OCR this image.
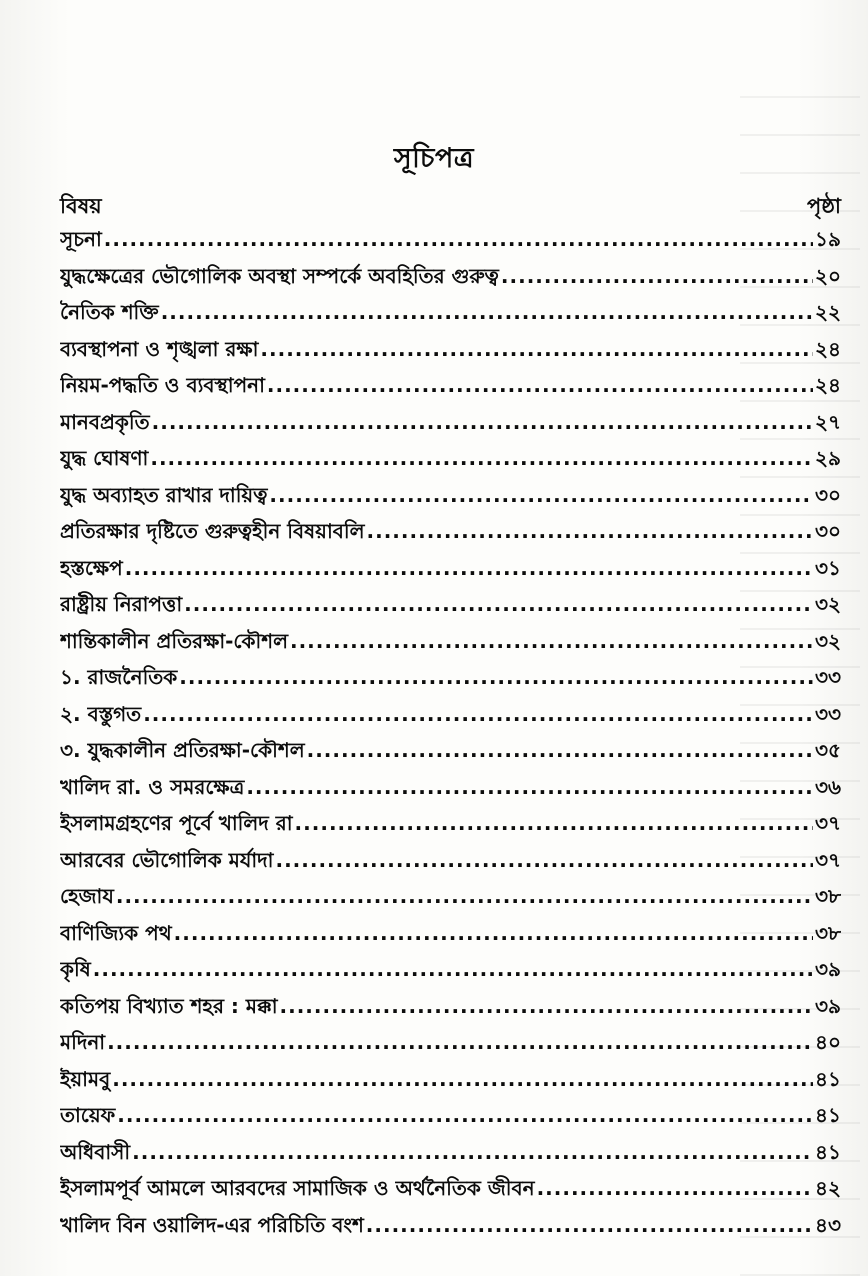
সূচিপত্র
বিষয়	পৃষ্ঠা
সূচনা .....	১৯
যুদ্ধক্ষেত্রের ভৌগোলিক অবস্থা সম্পর্কে অবহিতির গুরুত্ব .....	২০
নৈতিক শক্তি .....	২২
ব্যবস্থাপনা ও শৃঙ্খলা রক্ষা .....	২৪
নিয়ম-পদ্ধতি ও ব্যবস্থাপনা .....	২৪
মানবপ্রকৃতি .....	২৭
যুদ্ধ ঘোষণা .....	২৯
যুদ্ধ অব্যাহত রাখার দায়িত্ব .....	৩০
প্রতিরক্ষার দৃষ্টিতে গুরুত্বহীন বিষয়াবলি .....	৩০
হস্তক্ষেপ .....	৩১
রাষ্ট্রীয় নিরাপত্তা .....	৩২
শান্তিকালীন প্রতিরক্ষা-কৌশল .....	৩২
১. রাজনৈতিক .....	৩৩
২. বস্তুগত .....	৩৩
৩. যুদ্ধকালীন প্রতিরক্ষা-কৌশল .....	৩৫
খালিদ রা. ও সমরক্ষেত্র .....	৩৬
ইসলামগ্রহণের পূর্বে খালিদ রা .....	৩৭
আরবের ভৌগোলিক মর্যাদা .....	৩৭
হেজায .....	৩৮
বাণিজ্যিক পথ .....	৩৮
কৃষি .....	৩৯
কতিপয় বিখ্যাত শহর : মক্কা .....	৩৯
মদিনা .....	৪০
ইয়ামবু .....	৪১
তায়েফ .....	৪১
অধিবাসী .....	৪১
ইসলামপূর্ব আমলে আরবদের সামাজিক ও অর্থনৈতিক জীবন .....	৪২
খালিদ বিন ওয়ালিদ-এর পরিচিতি বংশ .....	৪৩
